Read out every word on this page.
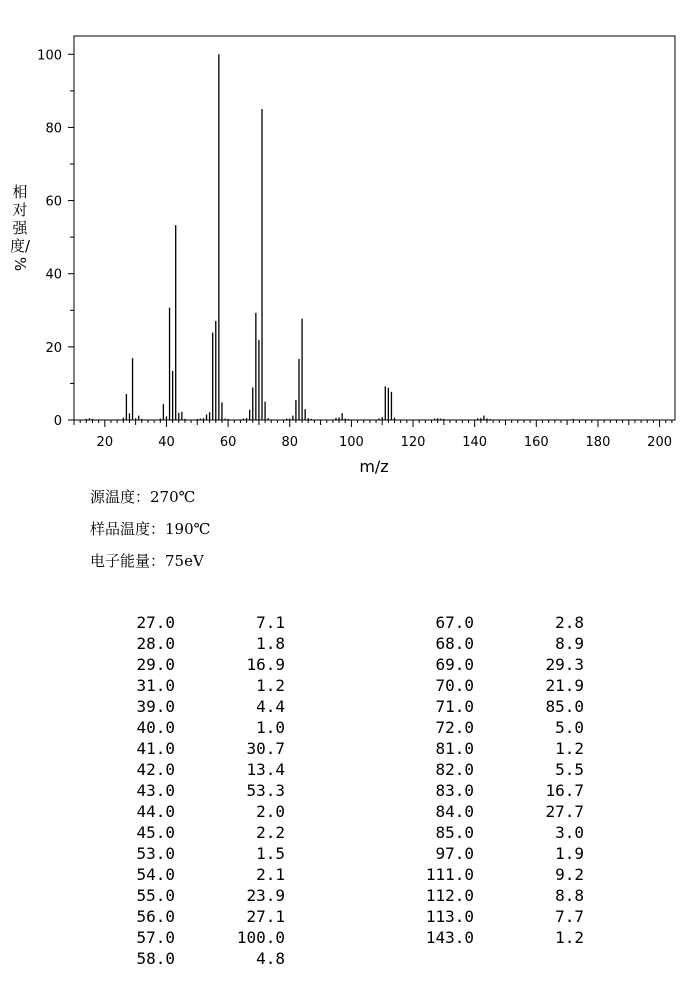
0
20
40
60
80
100
20	40	60	80	100	120	140	160	180	200
m/z
相对强度/
%
源温度：270℃
样品温度：190℃
电子能量：75eV
27.0	7.1
28.0	1.8
29.0	16.9
31.0	1.2
39.0	4.4
40.0	1.0
41.0	30.7
42.0	13.4
43.0	53.3
44.0	2.0
45.0	2.2
53.0	1.5
54.0	2.1
55.0	23.9
56.0	27.1
57.0	100.0
58.0	4.8
67.0	2.8
68.0	8.9
69.0	29.3
70.0	21.9
71.0	85.0
72.0	5.0
81.0	1.2
82.0	5.5
83.0	16.7
84.0	27.7
85.0	3.0
97.0	1.9
111.0	9.2
112.0	8.8
113.0	7.7
143.0	1.2
